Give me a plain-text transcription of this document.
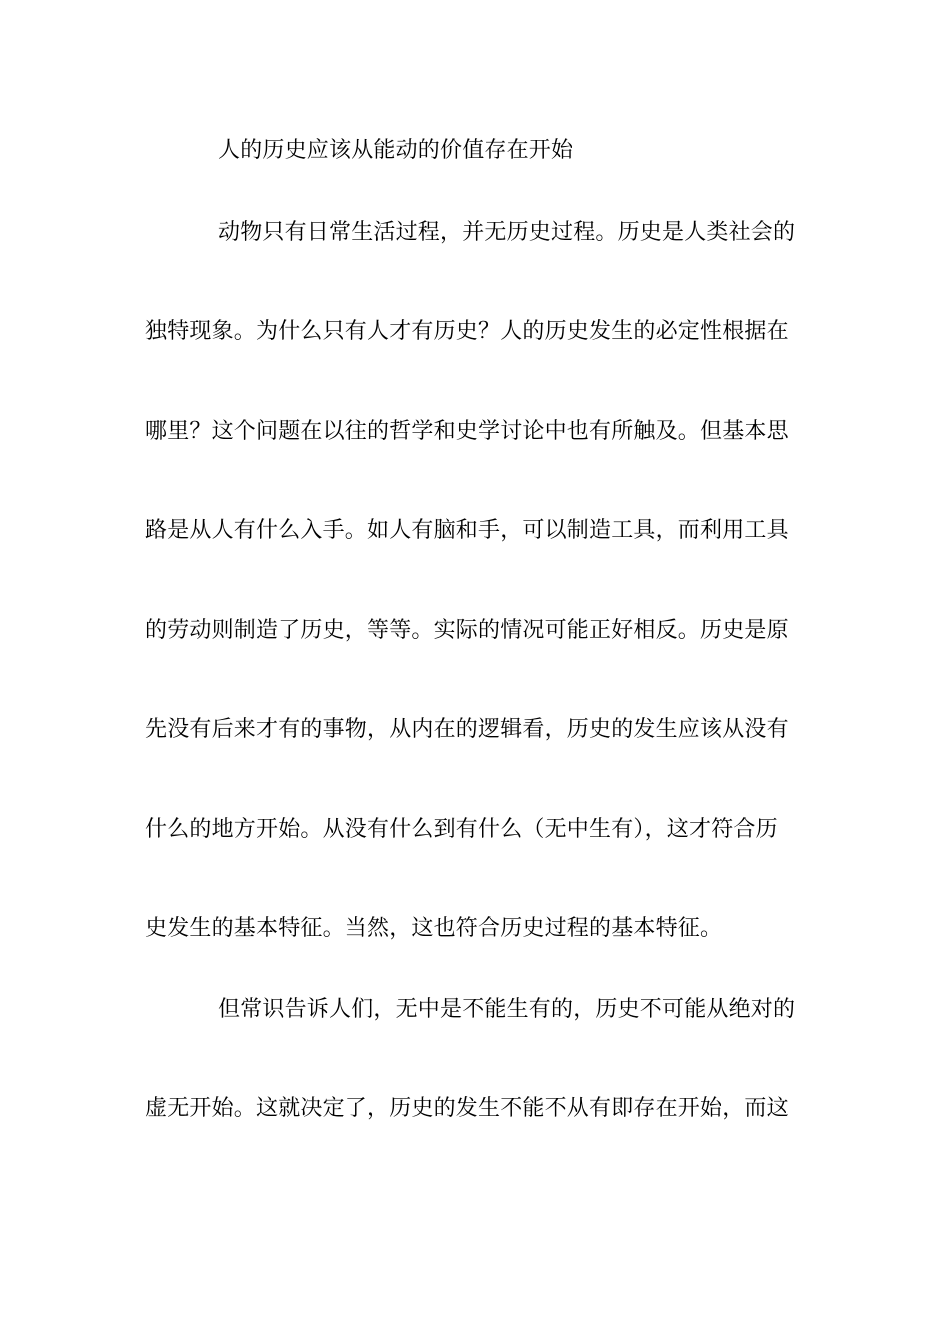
人的历史应该从能动的价值存在开始
动物只有日常生活过程，并无历史过程。历史是人类社会的
独特现象。为什么只有人才有历史？人的历史发生的必定性根据在
哪里？这个问题在以往的哲学和史学讨论中也有所触及。但基本思
路是从人有什么入手。如人有脑和手，可以制造工具，而利用工具
的劳动则制造了历史，等等。实际的情况可能正好相反。历史是原
先没有后来才有的事物，从内在的逻辑看，历史的发生应该从没有
什么的地方开始。从没有什么到有什么（无中生有），这才符合历
史发生的基本特征。当然，这也符合历史过程的基本特征。
但常识告诉人们，无中是不能生有的，历史不可能从绝对的
虚无开始。这就决定了，历史的发生不能不从有即存在开始，而这
